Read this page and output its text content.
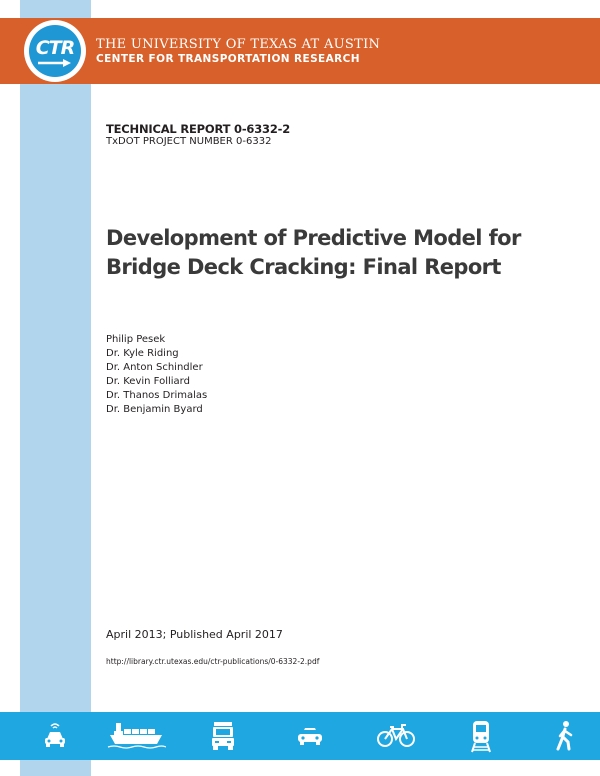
CTR	THE UNIVERSITY OF TEXAS AT AUSTIN
CENTER FOR TRANSPORTATION RESEARCH
TECHNICAL REPORT 0-6332-2
TxDOT PROJECT NUMBER 0-6332
Development of Predictive Model for
Bridge Deck Cracking: Final Report
Philip Pesek
Dr. Kyle Riding
Dr. Anton Schindler
Dr. Kevin Folliard
Dr. Thanos Drimalas
Dr. Benjamin Byard
April 2013; Published April 2017
http://library.ctr.utexas.edu/ctr-publications/0-6332-2.pdf
